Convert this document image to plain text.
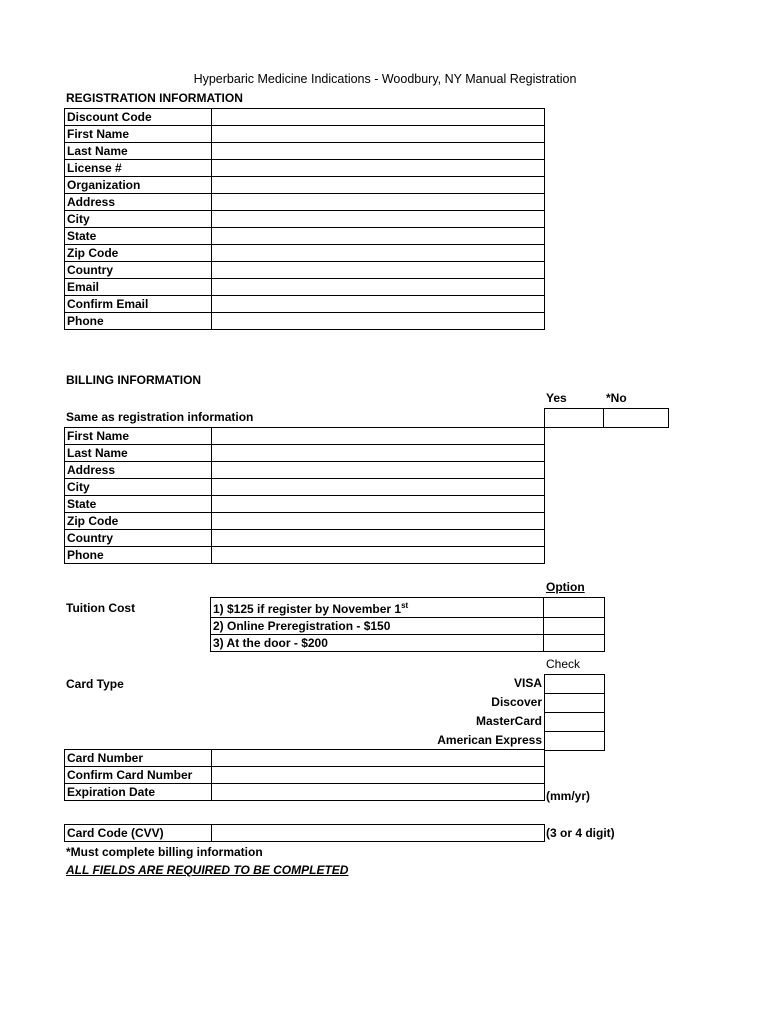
Hyperbaric Medicine Indications - Woodbury, NY Manual Registration
REGISTRATION INFORMATION
Discount Code	
First Name	
Last Name	
License #	
Organization	
Address	
City	
State	
Zip Code	
Country	
Email	
Confirm Email	
Phone	
BILLING INFORMATION
Yes	*No
Same as registration information
First Name	
Last Name	
Address	
City	
State	
Zip Code	
Country	
Phone	
Option
Tuition Cost	1) $125 if register by November 1st	
2) Online Preregistration - $150	
3) At the door - $200	
Check
Card Type	VISA
Discover
MasterCard
American Express
Card Number	
Confirm Card Number	
Expiration Date		(mm/yr)
Card Code (CVV)		(3 or 4 digit)
*Must complete billing information
ALL FIELDS ARE REQUIRED TO BE COMPLETED
